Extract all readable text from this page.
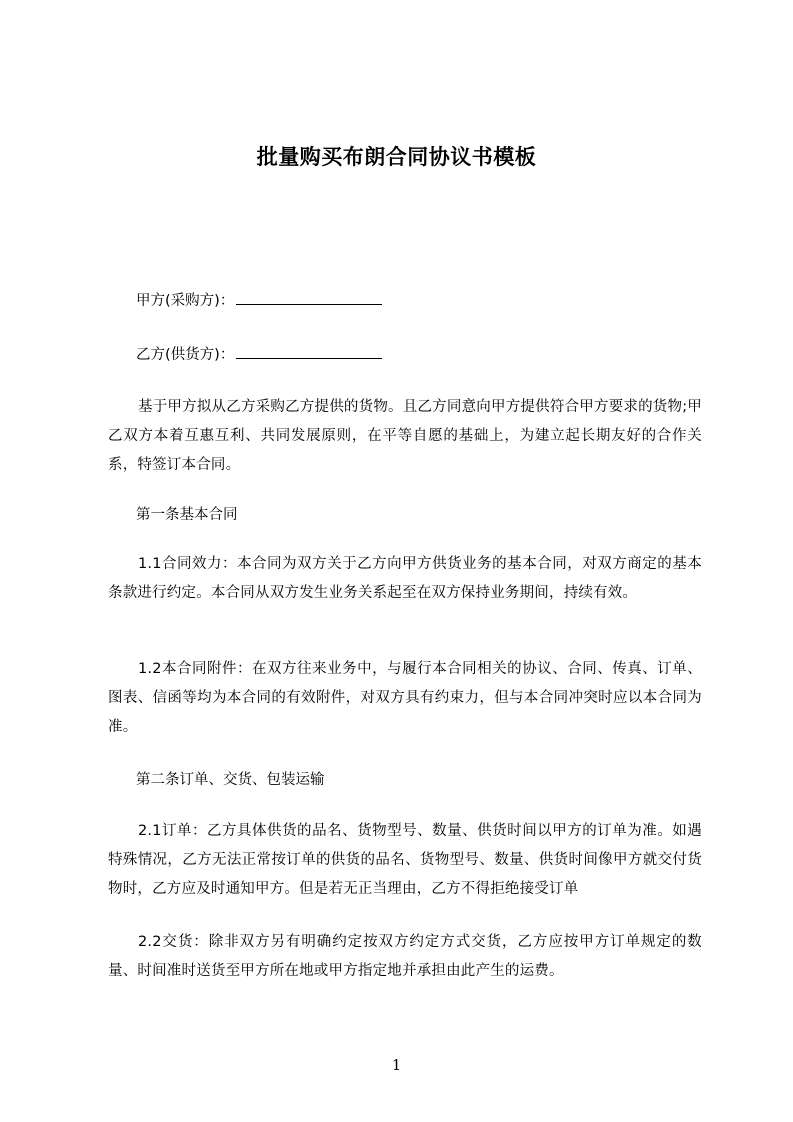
批量购买布朗合同协议书模板
甲方(采购方)：
乙方(供货方)：
基于甲方拟从乙方采购乙方提供的货物。且乙方同意向甲方提供符合甲方要求的货物;甲乙双方本着互惠互利、共同发展原则，在平等自愿的基础上，为建立起长期友好的合作关系，特签订本合同。
第一条基本合同
1.1合同效力：本合同为双方关于乙方向甲方供货业务的基本合同，对双方商定的基本条款进行约定。本合同从双方发生业务关系起至在双方保持业务期间，持续有效。
1.2本合同附件：在双方往来业务中，与履行本合同相关的协议、合同、传真、订单、图表、信函等均为本合同的有效附件，对双方具有约束力，但与本合同冲突时应以本合同为准。
第二条订单、交货、包装运输
2.1订单：乙方具体供货的品名、货物型号、数量、供货时间以甲方的订单为准。如遇特殊情况，乙方无法正常按订单的供货的品名、货物型号、数量、供货时间像甲方就交付货物时，乙方应及时通知甲方。但是若无正当理由，乙方不得拒绝接受订单
2.2交货：除非双方另有明确约定按双方约定方式交货，乙方应按甲方订单规定的数量、时间准时送货至甲方所在地或甲方指定地并承担由此产生的运费。
1
